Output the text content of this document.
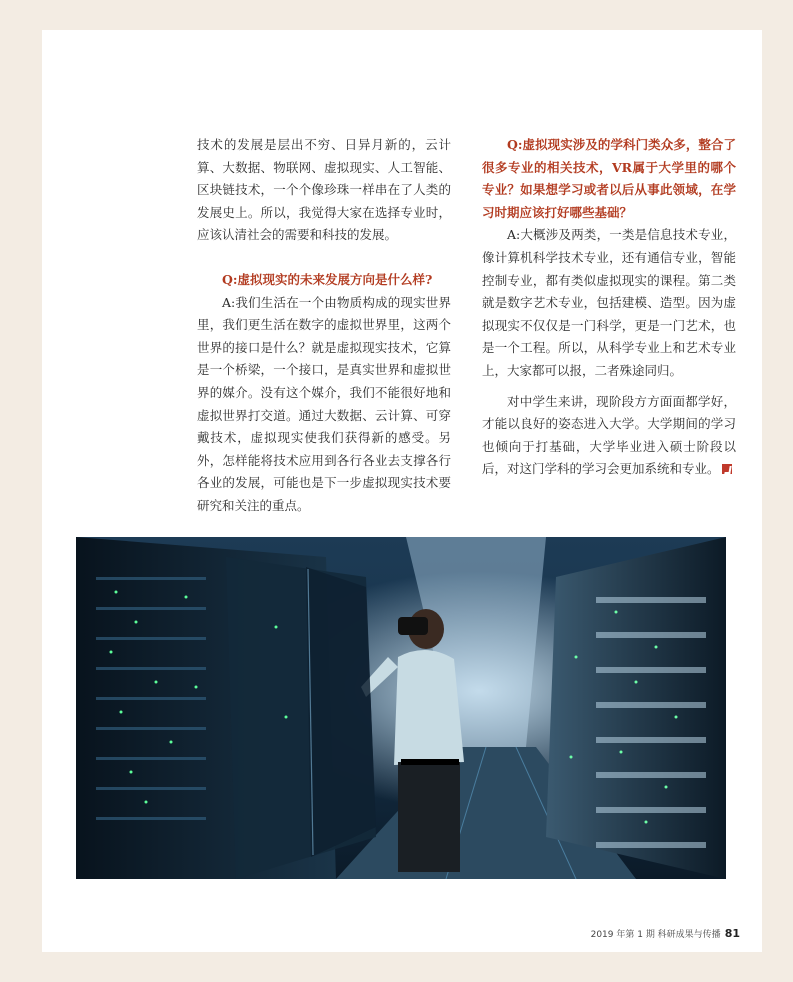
技术的发展是层出不穷、日异月新的，云计算、大数据、物联网、虚拟现实、人工智能、区块链技术，一个个像珍珠一样串在了人类的发展史上。所以，我觉得大家在选择专业时，应该认清社会的需要和科技的发展。

Q:虚拟现实的未来发展方向是什么样?

A:我们生活在一个由物质构成的现实世界里，我们更生活在数字的虚拟世界里，这两个世界的接口是什么？就是虚拟现实技术，它算是一个桥梁，一个接口，是真实世界和虚拟世界的媒介。没有这个媒介，我们不能很好地和虚拟世界打交道。通过大数据、云计算、可穿戴技术，虚拟现实使我们获得新的感受。另外，怎样能将技术应用到各行各业去支撑各行各业的发展，可能也是下一步虚拟现实技术要研究和关注的重点。

Q:虚拟现实涉及的学科门类众多，整合了很多专业的相关技术，VR属于大学里的哪个专业？如果想学习或者以后从事此领域，在学习时期应该打好哪些基础？

A:大概涉及两类，一类是信息技术专业，像计算机科学技术专业，还有通信专业，智能控制专业，都有类似虚拟现实的课程。第二类就是数字艺术专业，包括建模、造型。因为虚拟现实不仅仅是一门科学，更是一门艺术，也是一个工程。所以，从科学专业上和艺术专业上，大家都可以报，二者殊途同归。

对中学生来讲，现阶段方方面面都学好，才能以良好的姿态进入大学。大学期间的学习也倾向于打基础，大学毕业进入硕士阶段以后，对这门学科的学习会更加系统和专业。

2019 年第 1 期 科研成果与传播 81
